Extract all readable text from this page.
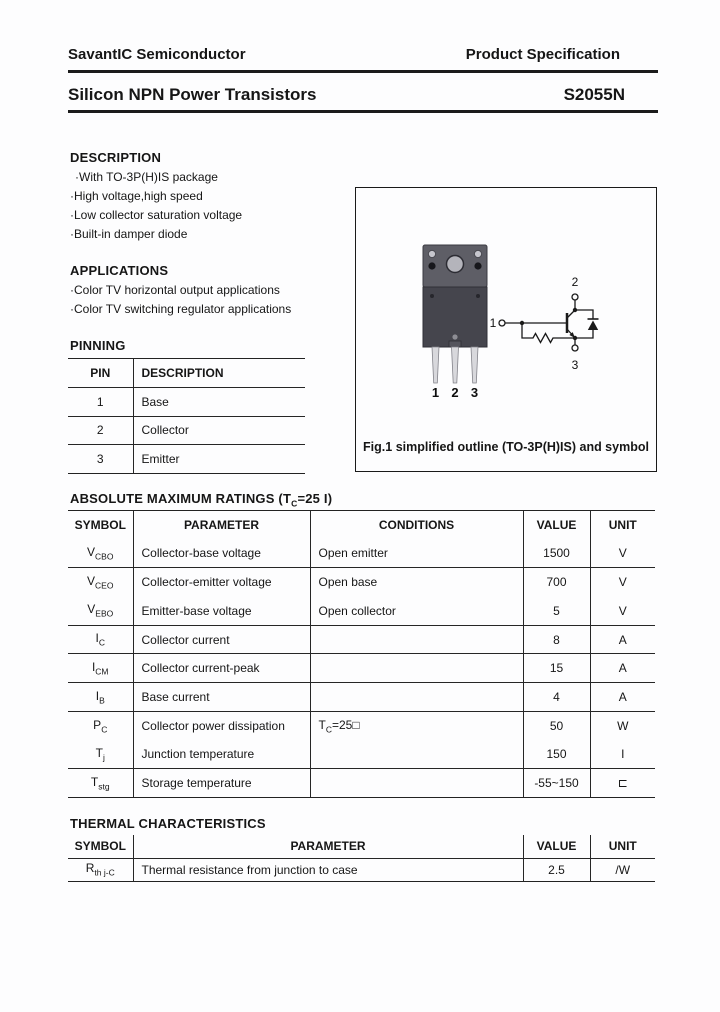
SavantIC Semiconductor	Product Specification
Silicon NPN Power Transistors	S2055N
DESCRIPTION
·With TO-3P(H)IS package
·High voltage,high speed
·Low collector saturation voltage
·Built-in damper diode
APPLICATIONS
·Color TV horizontal output applications
·Color TV switching regulator applications
PINNING
PIN	DESCRIPTION
1	Base
2	Collector
3	Emitter
1 2 3
2
1
3
Fig.1 simplified outline (TO-3P(H)IS) and symbol
ABSOLUTE MAXIMUM RATINGS ($T_C=25$ I)
SYMBOL	PARAMETER	CONDITIONS	VALUE	UNIT
$V_{CBO}$	Collector-base voltage	Open emitter	1500	V
$V_{CEO}$	Collector-emitter voltage	Open base	700	V
$V_{EBO}$	Emitter-base voltage	Open collector	5	V
$I_C$	Collector current		8	A
$I_{CM}$	Collector current-peak		15	A
$I_B$	Base current		4	A
$P_C$	Collector power dissipation	$T_C=25□$	50	W
$T_j$	Junction temperature		150	I
$T_{stg}$	Storage temperature		-55~150	⊏
THERMAL CHARACTERISTICS
SYMBOL	PARAMETER	VALUE	UNIT
$R_{th j-C}$	Thermal resistance from junction to case	2.5	/W
